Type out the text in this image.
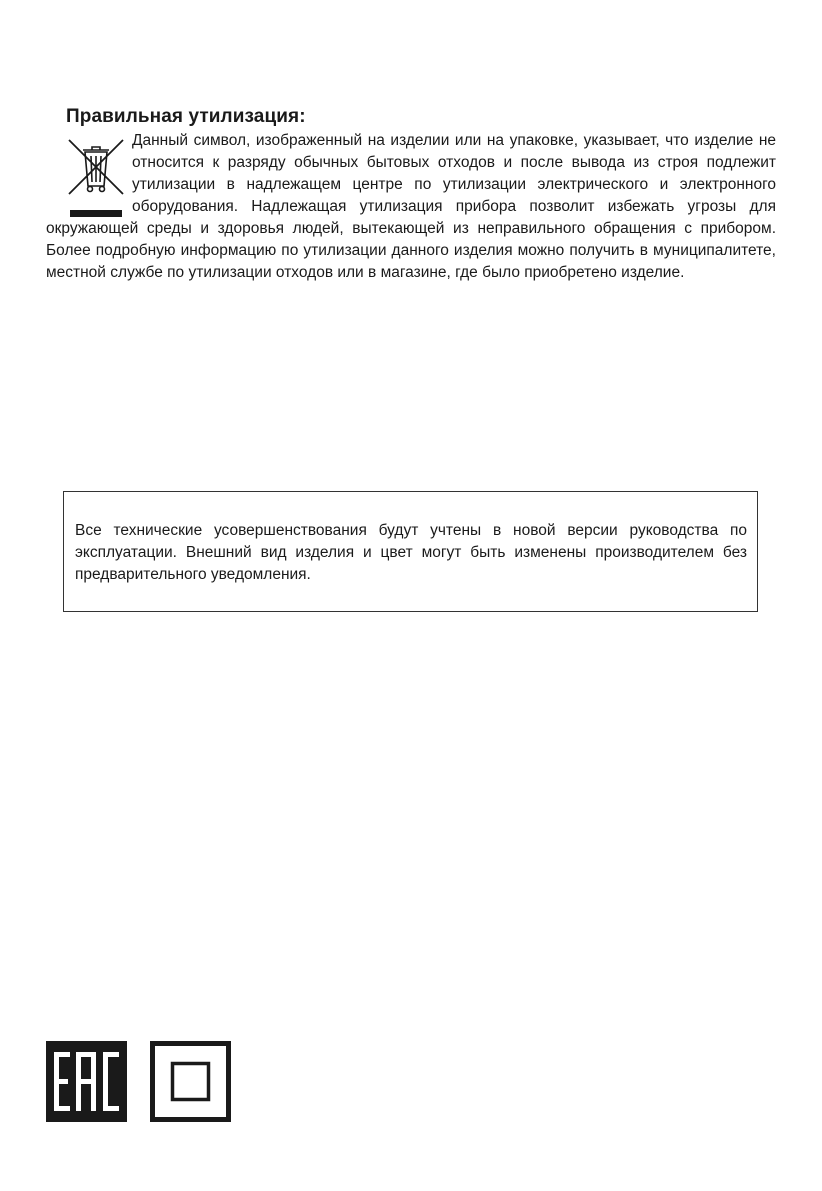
Правильная утилизация:

Данный символ, изображенный на изделии или на упаковке, указывает, что изделие не относится к разряду обычных бытовых отходов и после вывода из строя подлежит утилизации в надлежащем центре по утилизации электрического и электронного оборудования. Надлежащая утилизация прибора позволит избежать угрозы для окружающей среды и здоровья людей, вытекающей из неправильного обращения с прибором. Более подробную информацию по утилизации данного изделия можно получить в муниципалитете, местной службе по утилизации отходов или в магазине, где было приобретено изделие.

Все технические усовершенствования будут учтены в новой версии руководства по эксплуатации. Внешний вид изделия и цвет могут быть изменены производителем без предварительного уведомления.
